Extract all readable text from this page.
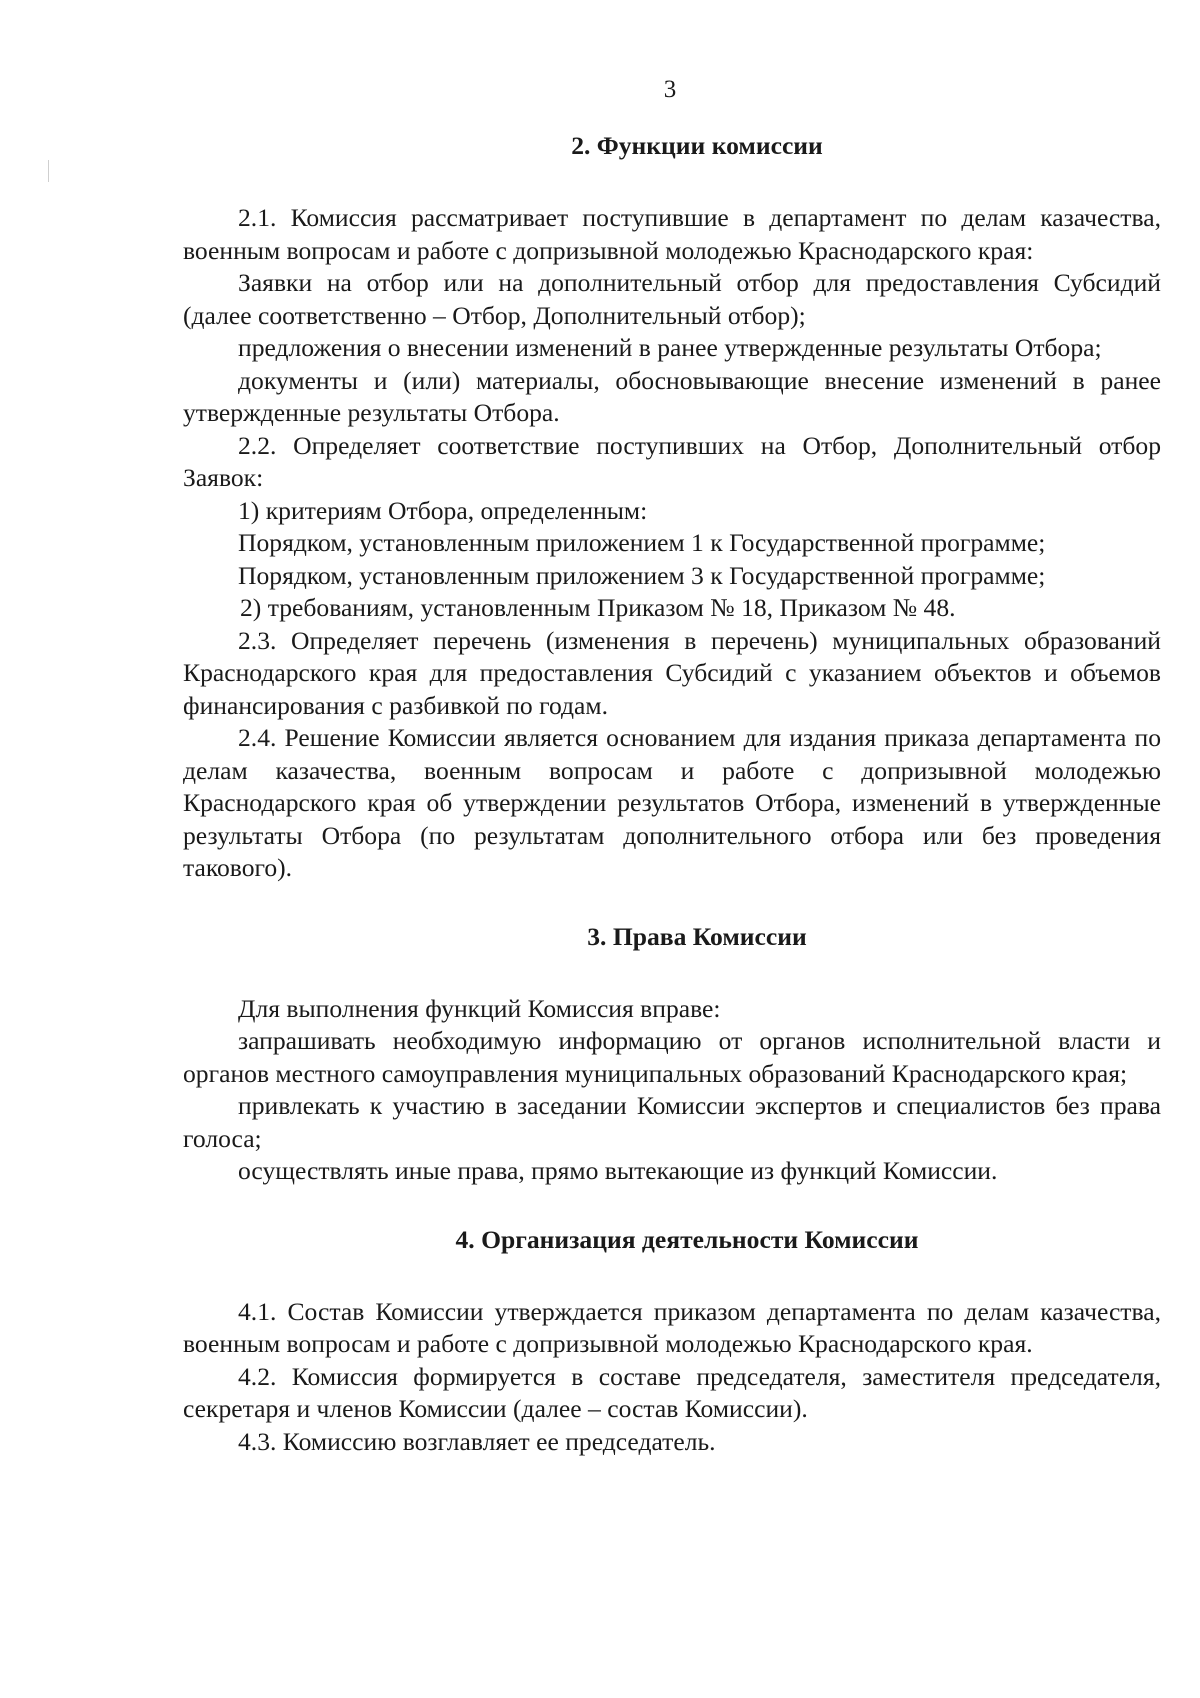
3
2. Функции комиссии

2.1. Комиссия рассматривает поступившие в департамент по делам казачества, военным вопросам и работе с допризывной молодежью Краснодарского края:

Заявки на отбор или на дополнительный отбор для предоставления Субсидий (далее соответственно – Отбор, Дополнительный отбор);

предложения о внесении изменений в ранее утвержденные результаты Отбора;

документы и (или) материалы, обосновывающие внесение изменений в ранее утвержденные результаты Отбора.

2.2. Определяет соответствие поступивших на Отбор, Дополнительный отбор Заявок:

1) критериям Отбора, определенным:

Порядком, установленным приложением 1 к Государственной программе;

Порядком, установленным приложением 3 к Государственной программе;

2) требованиям, установленным Приказом № 18, Приказом № 48.

2.3. Определяет перечень (изменения в перечень) муниципальных образований Краснодарского края для предоставления Субсидий с указанием объектов и объемов финансирования с разбивкой по годам.

2.4. Решение Комиссии является основанием для издания приказа департамента по делам казачества, военным вопросам и работе с допризывной молодежью Краснодарского края об утверждении результатов Отбора, изменений в утвержденные результаты Отбора (по результатам дополнительного отбора или без проведения такового).

3. Права Комиссии

Для выполнения функций Комиссия вправе:

запрашивать необходимую информацию от органов исполнительной власти и органов местного самоуправления муниципальных образований Краснодарского края;

привлекать к участию в заседании Комиссии экспертов и специалистов без права голоса;

осуществлять иные права, прямо вытекающие из функций Комиссии.

4. Организация деятельности Комиссии

4.1. Состав Комиссии утверждается приказом департамента по делам казачества, военным вопросам и работе с допризывной молодежью Краснодарского края.

4.2. Комиссия формируется в составе председателя, заместителя председателя, секретаря и членов Комиссии (далее – состав Комиссии).

4.3. Комиссию возглавляет ее председатель.
